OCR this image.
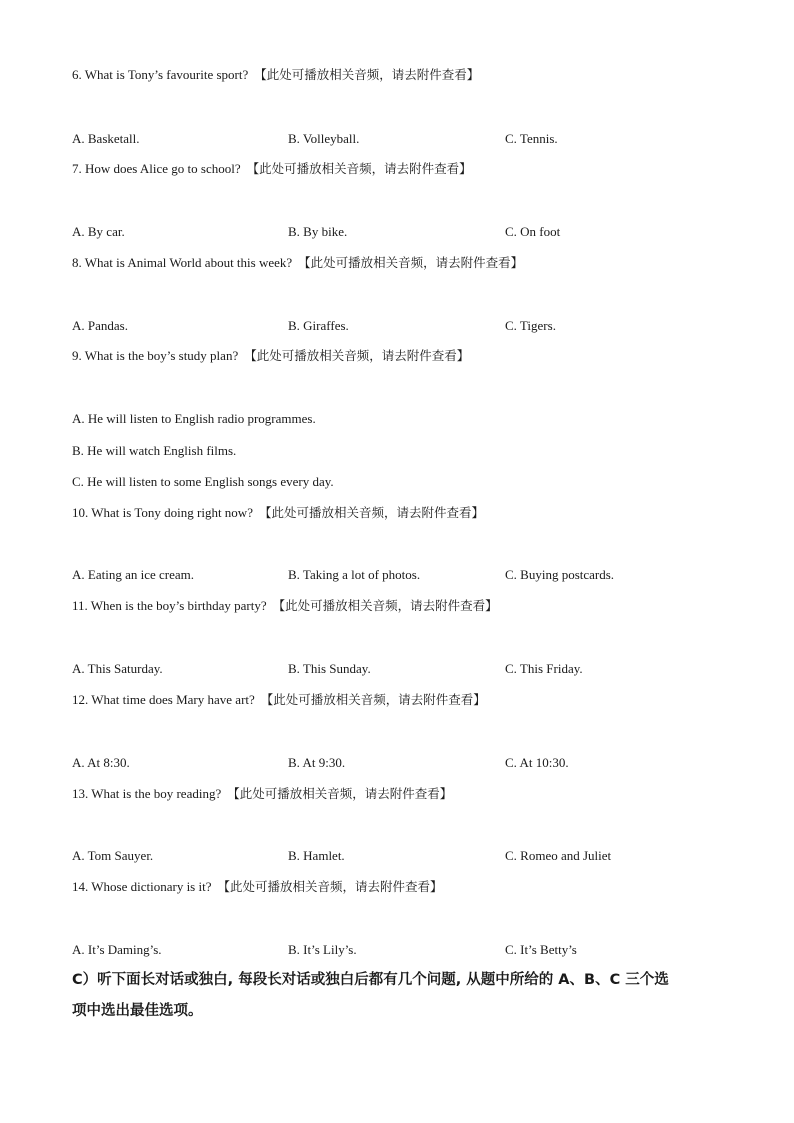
6. What is Tony’s favourite sport? 【此处可播放相关音频，请去附件查看】
A. Basketall.	B. Volleyball.	C. Tennis.
7. How does Alice go to school? 【此处可播放相关音频，请去附件查看】
A. By car.	B. By bike.	C. On foot
8. What is Animal World about this week? 【此处可播放相关音频，请去附件查看】
A. Pandas.	B. Giraffes.	C. Tigers.
9. What is the boy’s study plan? 【此处可播放相关音频，请去附件查看】
A. He will listen to English radio programmes.
B. He will watch English films.
C. He will listen to some English songs every day.
10. What is Tony doing right now? 【此处可播放相关音频，请去附件查看】
A. Eating an ice cream.	B. Taking a lot of photos.	C. Buying postcards.
11. When is the boy’s birthday party? 【此处可播放相关音频，请去附件查看】
A. This Saturday.	B. This Sunday.	C. This Friday.
12. What time does Mary have art? 【此处可播放相关音频，请去附件查看】
A. At 8:30.	B. At 9:30.	C. At 10:30.
13. What is the boy reading? 【此处可播放相关音频，请去附件查看】
A. Tom Sauyer.	B. Hamlet.	C. Romeo and Juliet
14. Whose dictionary is it? 【此处可播放相关音频，请去附件查看】
A. It’s Daming’s.	B. It’s Lily’s.	C. It’s Betty’s
C）听下面长对话或独白, 每段长对话或独白后都有几个问题, 从题中所给的 A、B、C 三个选
项中选出最佳选项。
